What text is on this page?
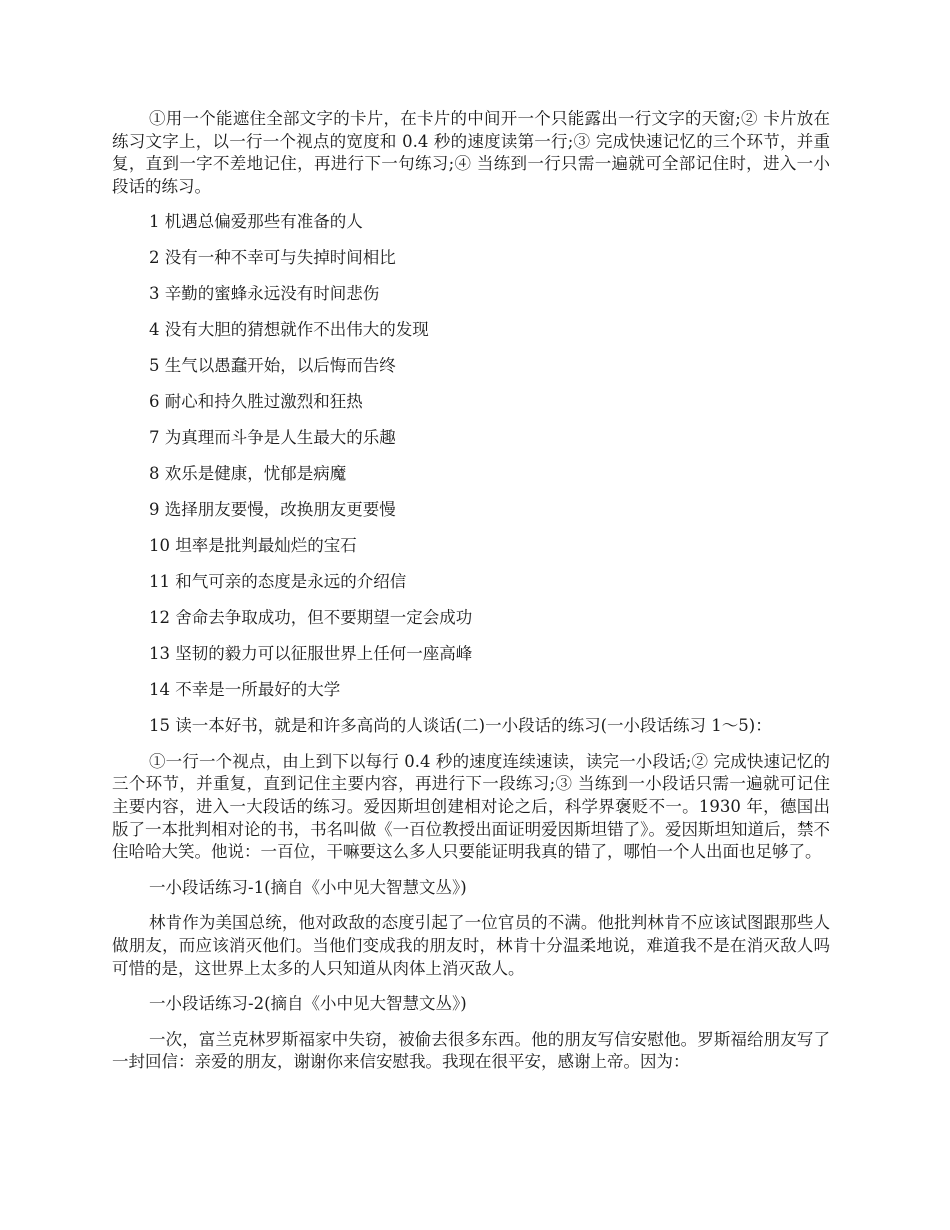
①用一个能遮住全部文字的卡片，在卡片的中间开一个只能露出一行文字的天窗;② 卡片放在练习文字上，以一行一个视点的宽度和 0.4 秒的速度读第一行;③ 完成快速记忆的三个环节，并重复，直到一字不差地记住，再进行下一句练习;④ 当练到一行只需一遍就可全部记住时，进入一小段话的练习。

1 机遇总偏爱那些有准备的人

2 没有一种不幸可与失掉时间相比

3 辛勤的蜜蜂永远没有时间悲伤

4 没有大胆的猜想就作不出伟大的发现

5 生气以愚蠢开始，以后悔而告终

6 耐心和持久胜过激烈和狂热

7 为真理而斗争是人生最大的乐趣

8 欢乐是健康，忧郁是病魔

9 选择朋友要慢，改换朋友更要慢

10 坦率是批判最灿烂的宝石

11 和气可亲的态度是永远的介绍信

12 舍命去争取成功，但不要期望一定会成功

13 坚韧的毅力可以征服世界上任何一座高峰

14 不幸是一所最好的大学

15 读一本好书，就是和许多高尚的人谈话(二)一小段话的练习(一小段话练习 1～5)：

①一行一个视点，由上到下以每行 0.4 秒的速度连续速读，读完一小段话;② 完成快速记忆的三个环节，并重复，直到记住主要内容，再进行下一段练习;③ 当练到一小段话只需一遍就可记住主要内容，进入一大段话的练习。爱因斯坦创建相对论之后，科学界褒贬不一。1930 年，德国出版了一本批判相对论的书，书名叫做《一百位教授出面证明爱因斯坦错了》。爱因斯坦知道后，禁不住哈哈大笑。他说：一百位，干嘛要这么多人只要能证明我真的错了，哪怕一个人出面也足够了。

一小段话练习-1(摘自《小中见大智慧文丛》)

林肯作为美国总统，他对政敌的态度引起了一位官员的不满。他批判林肯不应该试图跟那些人做朋友，而应该消灭他们。当他们变成我的朋友时，林肯十分温柔地说，难道我不是在消灭敌人吗可惜的是，这世界上太多的人只知道从肉体上消灭敌人。

一小段话练习-2(摘自《小中见大智慧文丛》)

一次，富兰克林罗斯福家中失窃，被偷去很多东西。他的朋友写信安慰他。罗斯福给朋友写了一封回信：亲爱的朋友，谢谢你来信安慰我。我现在很平安，感谢上帝。因为：
